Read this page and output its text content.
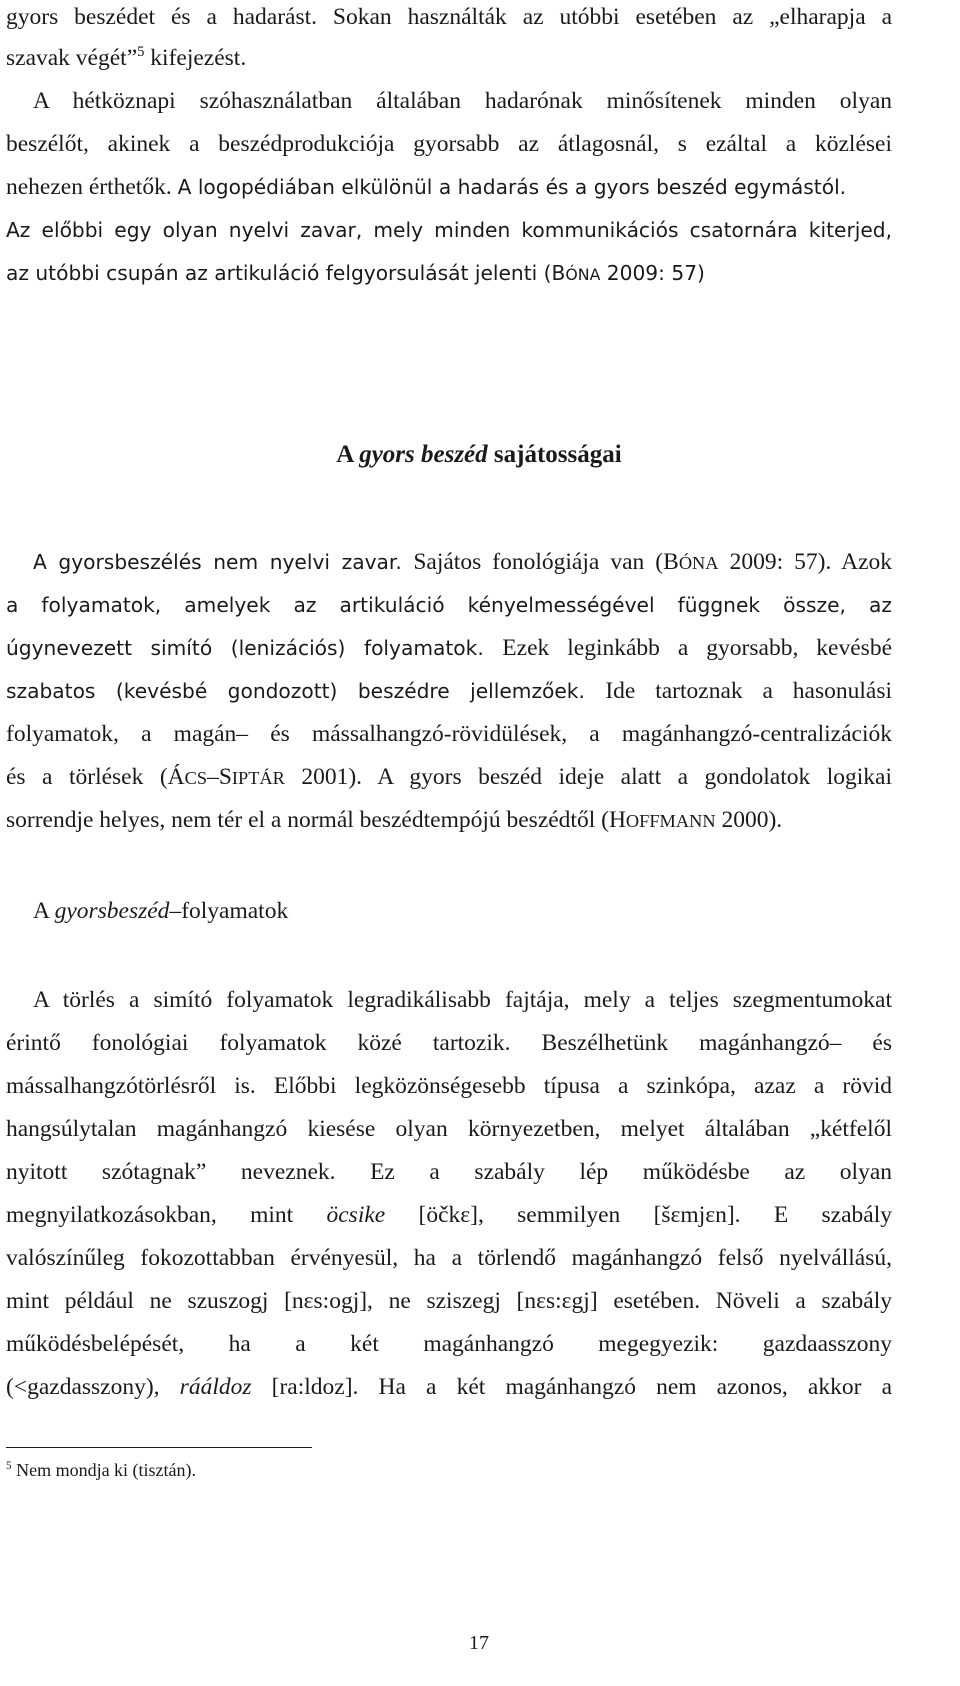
gyors beszédet és a hadarást. Sokan használták az utóbbi esetében az „elharapja a
szavak végét”$^5$ kifejezést.
A hétköznapi szóhasználatban általában hadarónak minősítenek minden olyan
beszélőt, akinek a beszédprodukciója gyorsabb az átlagosnál, s ezáltal a közlései
nehezen érthetők. A logopédiában elkülönül a hadarás és a gyors beszéd egymástól.
Az előbbi egy olyan nyelvi zavar, mely minden kommunikációs csatornára kiterjed,
az utóbbi csupán az artikuláció felgyorsulását jelenti (BÓNA 2009: 57)
A gyors beszéd sajátosságai
A gyorsbeszélés nem nyelvi zavar. Sajátos fonológiája van (BÓNA 2009: 57). Azok
a folyamatok, amelyek az artikuláció kényelmességével függnek össze, az
úgynevezett simító (lenizációs) folyamatok. Ezek leginkább a gyorsabb, kevésbé
szabatos (kevésbé gondozott) beszédre jellemzőek. Ide tartoznak a hasonulási
folyamatok, a magán– és mássalhangzó-rövidülések, a magánhangzó-centralizációk
és a törlések (ÁCS–SIPTÁR 2001). A gyors beszéd ideje alatt a gondolatok logikai
sorrendje helyes, nem tér el a normál beszédtempójú beszédtől (HOFFMANN 2000).
A gyorsbeszéd–folyamatok
A törlés a simító folyamatok legradikálisabb fajtája, mely a teljes szegmentumokat
érintő fonológiai folyamatok közé tartozik. Beszélhetünk magánhangzó– és
mássalhangzótörlésről is. Előbbi legközönségesebb típusa a szinkópa, azaz a rövid
hangsúlytalan magánhangzó kiesése olyan környezetben, melyet általában „kétfelől
nyitott szótagnak” neveznek. Ez a szabály lép működésbe az olyan
megnyilatkozásokban, mint öcsike [öčkɛ], semmilyen [šɛmjɛn]. E szabály
valószínűleg fokozottabban érvényesül, ha a törlendő magánhangzó felső nyelvállású,
mint például ne szuszogj [nɛs:ogj], ne sziszegj [nɛs:ɛgj] esetében. Növeli a szabály
működésbelépését, ha a két magánhangzó megegyezik: gazdaasszony
(<gazdasszony), rááldoz [ra:ldoz]. Ha a két magánhangzó nem azonos, akkor a
$^5$ Nem mondja ki (tisztán).
17
